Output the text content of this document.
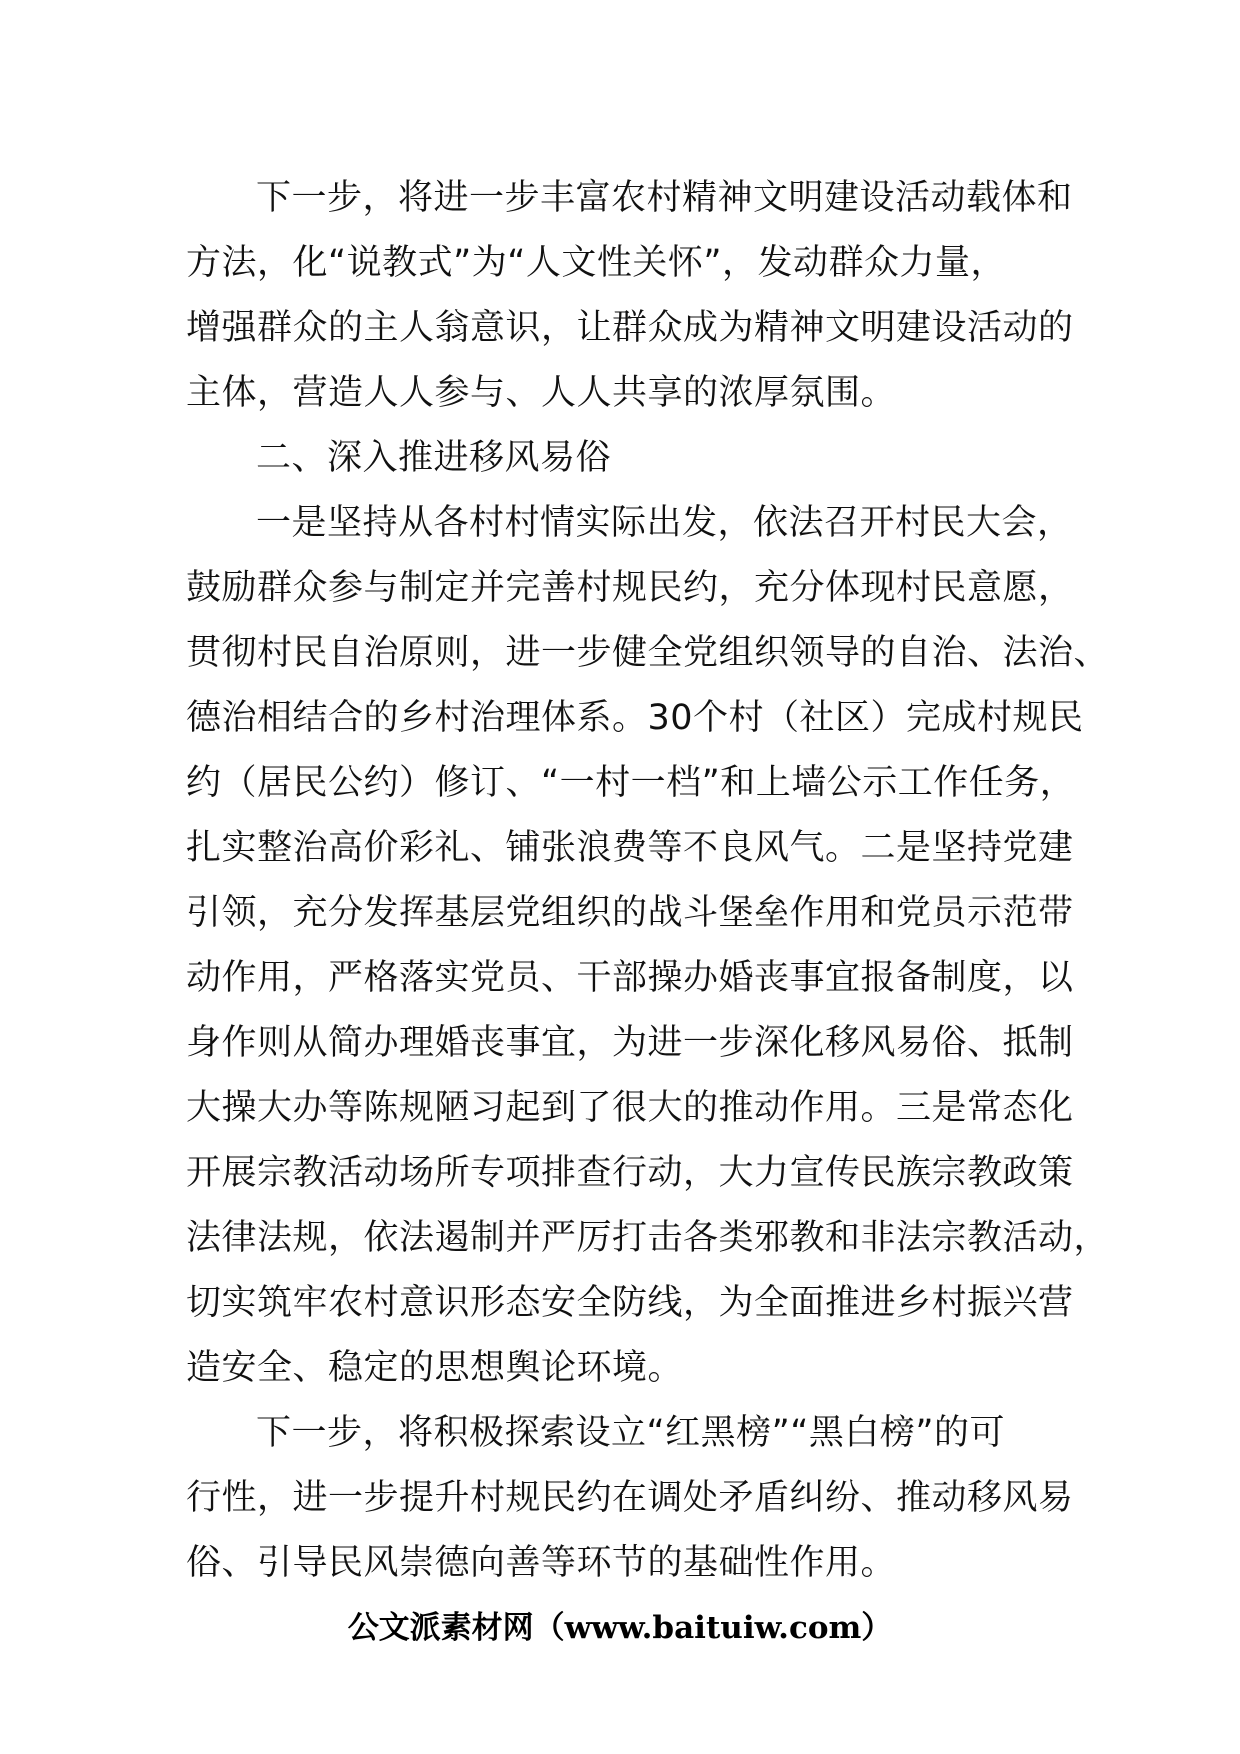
下一步，将进一步丰富农村精神文明建设活动载体和
方法，化“说教式”为“人文性关怀”，发动群众力量，
增强群众的主人翁意识，让群众成为精神文明建设活动的
主体，营造人人参与、人人共享的浓厚氛围。
二、深入推进移风易俗
一是坚持从各村村情实际出发，依法召开村民大会，
鼓励群众参与制定并完善村规民约，充分体现村民意愿，
贯彻村民自治原则，进一步健全党组织领导的自治、法治、
德治相结合的乡村治理体系。30个村（社区）完成村规民
约（居民公约）修订、“一村一档”和上墙公示工作任务，
扎实整治高价彩礼、铺张浪费等不良风气。二是坚持党建
引领，充分发挥基层党组织的战斗堡垒作用和党员示范带
动作用，严格落实党员、干部操办婚丧事宜报备制度，以
身作则从简办理婚丧事宜，为进一步深化移风易俗、抵制
大操大办等陈规陋习起到了很大的推动作用。三是常态化
开展宗教活动场所专项排查行动，大力宣传民族宗教政策
法律法规，依法遏制并严厉打击各类邪教和非法宗教活动，
切实筑牢农村意识形态安全防线，为全面推进乡村振兴营
造安全、稳定的思想舆论环境。
下一步，将积极探索设立“红黑榜”“黑白榜”的可
行性，进一步提升村规民约在调处矛盾纠纷、推动移风易
俗、引导民风崇德向善等环节的基础性作用。
公文派素材网（www.baituiw.com）
